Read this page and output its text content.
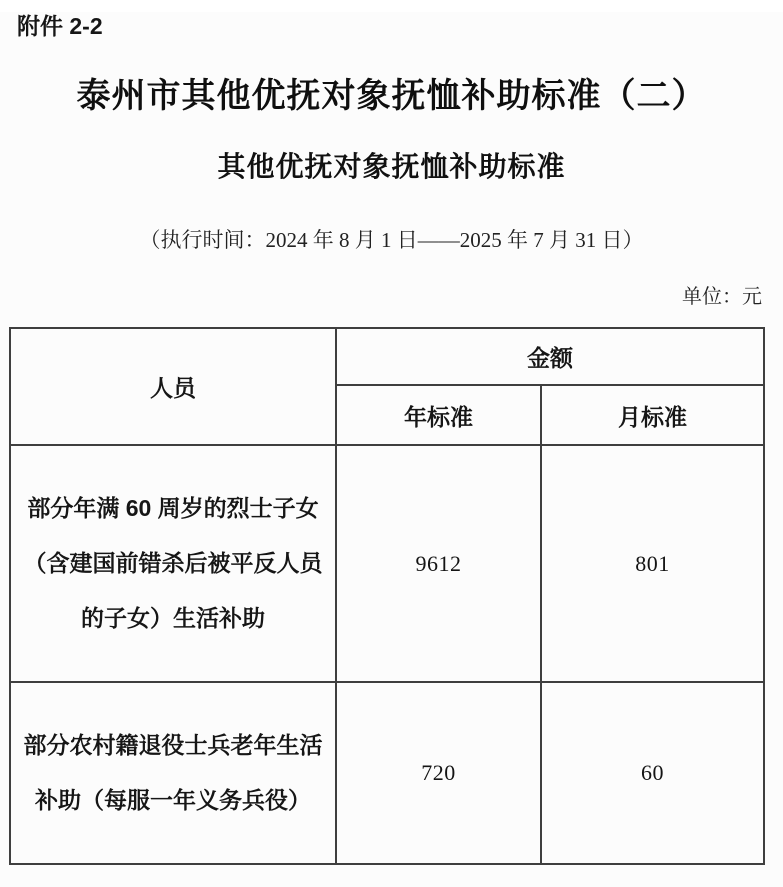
附件 2-2
泰州市其他优抚对象抚恤补助标准（二）
其他优抚对象抚恤补助标准
（执行时间：2024 年 8 月 1 日——2025 年 7 月 31 日）
单位：元
人员	金额	
	年标准	月标准

部分年满 60 周岁的烈士子女
（含建国前错杀后被平反人员
的子女）生活补助	9612	801

部分农村籍退役士兵老年生活
补助（每服一年义务兵役）	720	60
